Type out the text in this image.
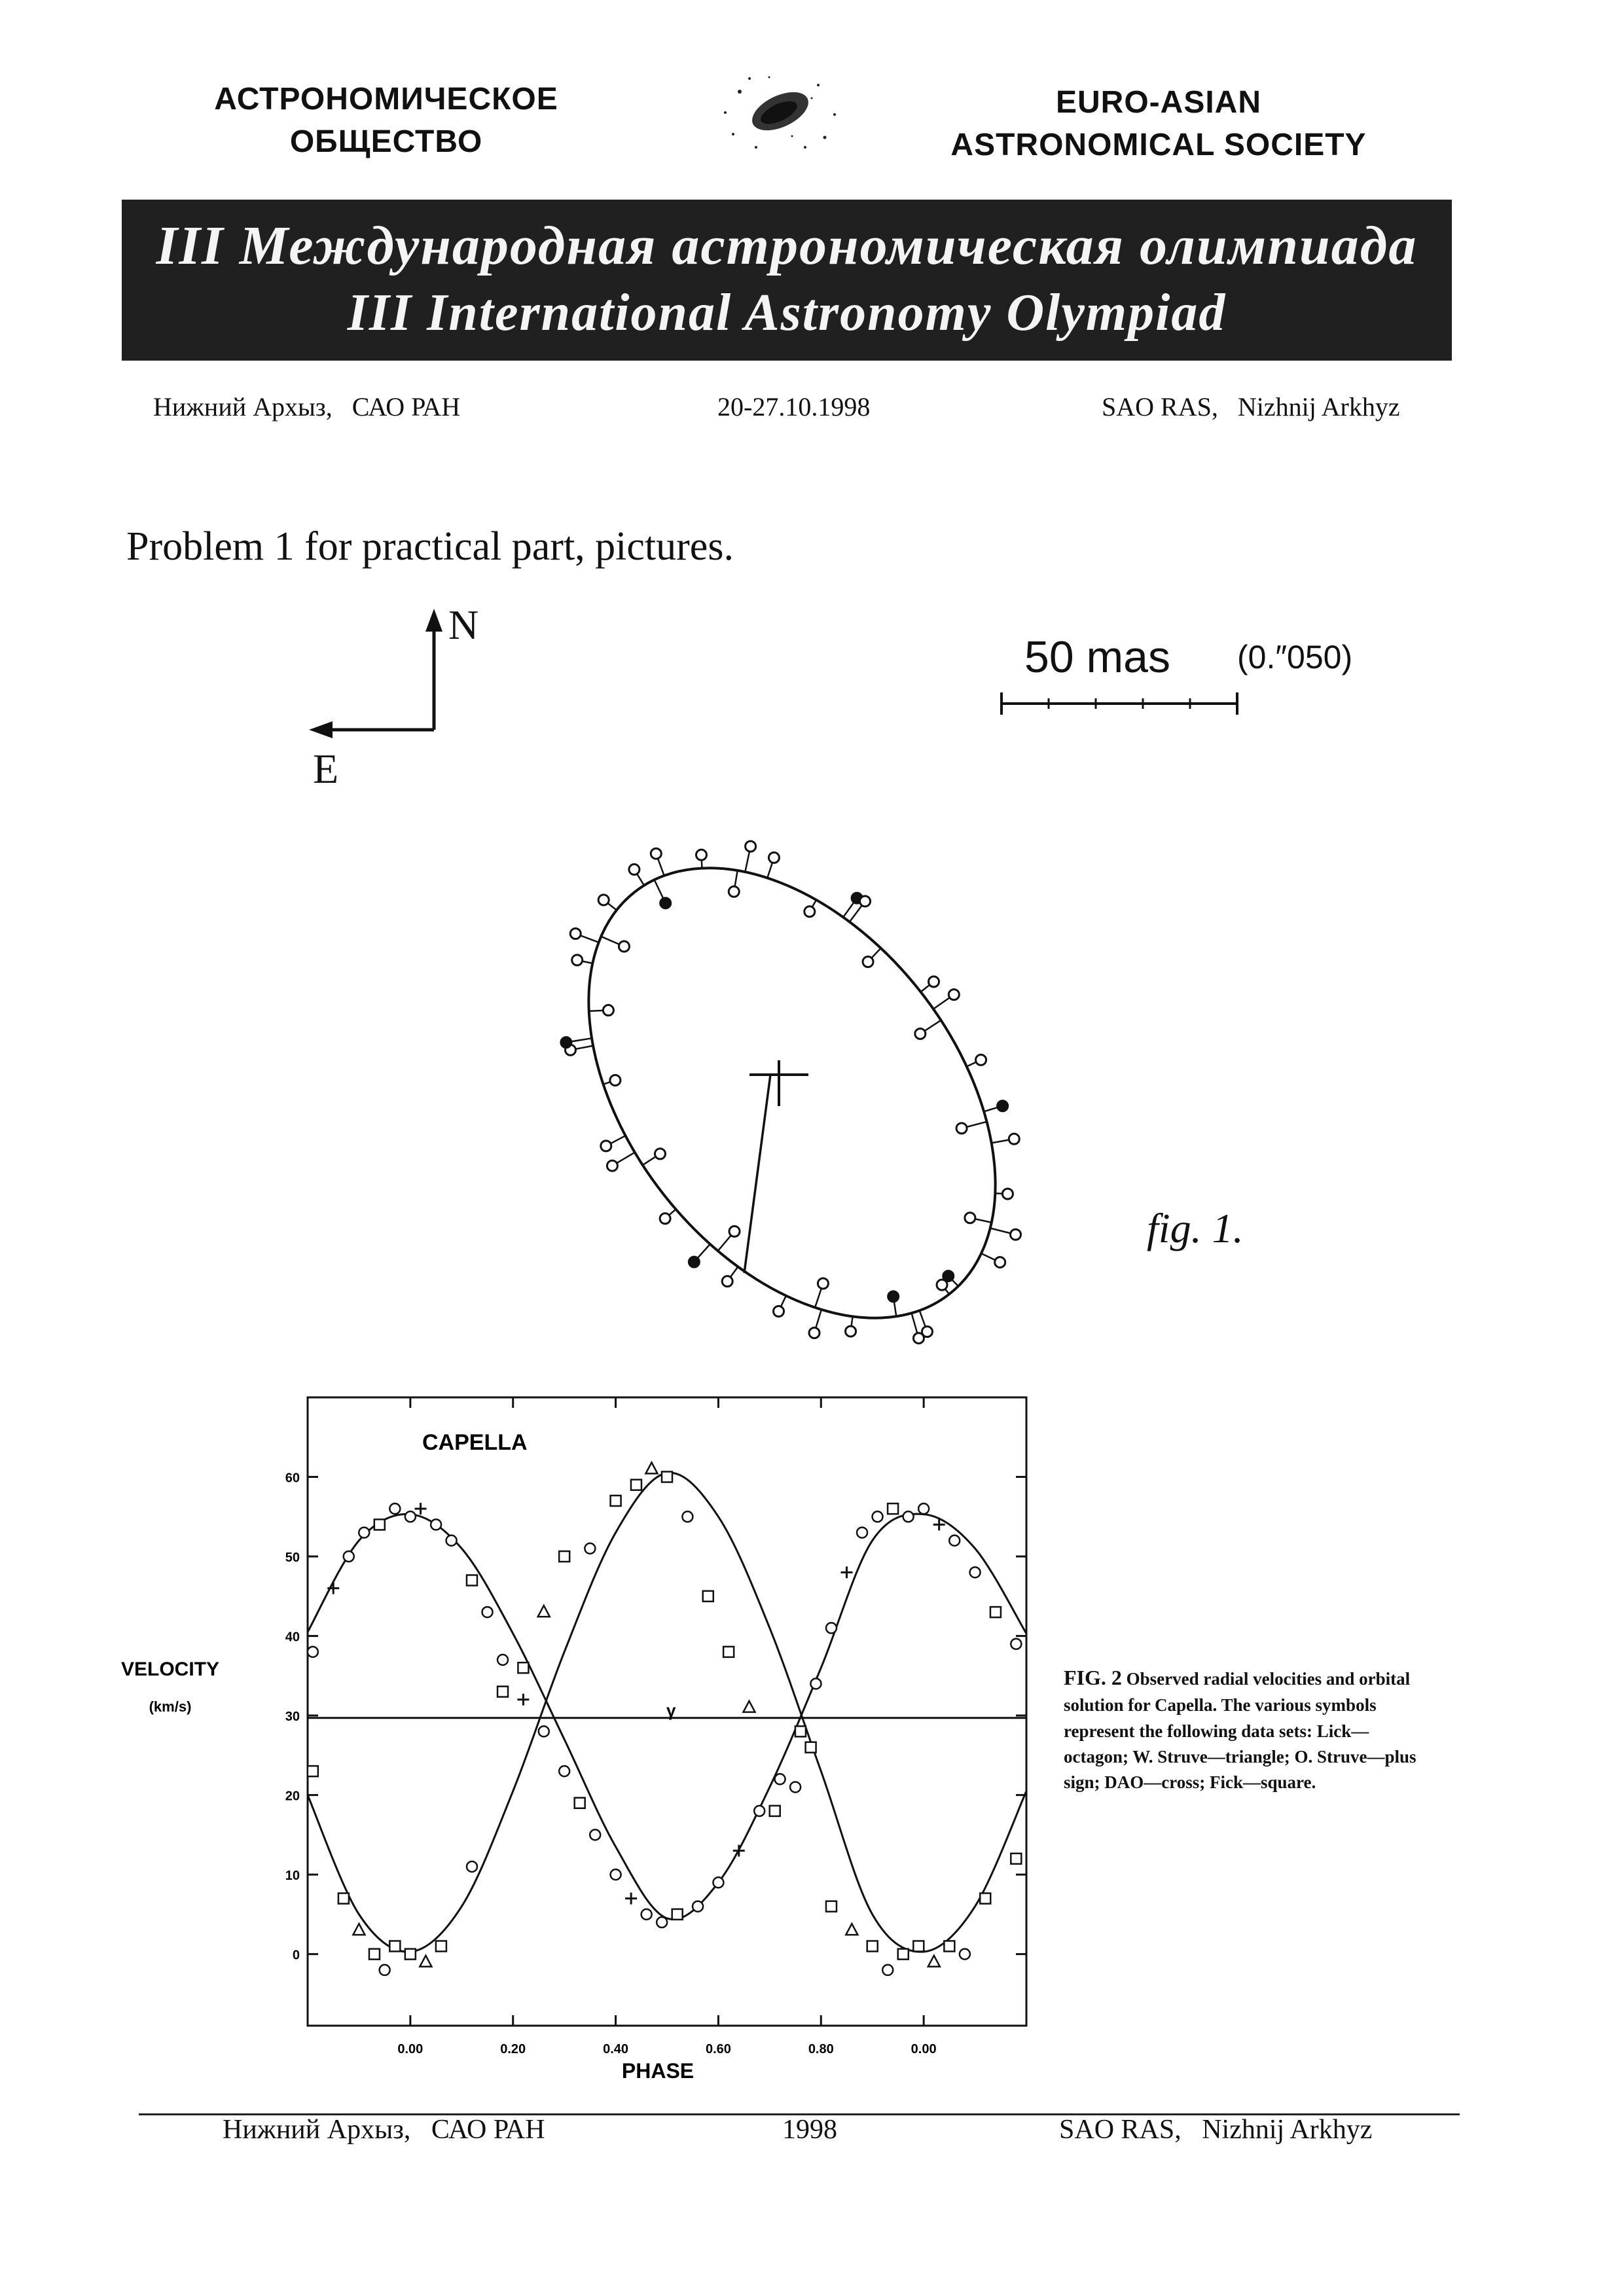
АСТРОНОМИЧЕСКОЕ
ОБЩЕСТВО
EURO-ASIAN
ASTRONOMICAL SOCIETY
III Международная астрономическая олимпиада
III International Astronomy Olympiad
Нижний Архыз,   САО РАН	20-27.10.1998	SAO RAS,   Nizhnij Arkhyz
Problem 1 for practical part, pictures.
N
E
50 mas (0.″050)
fig. 1.
VELOCITY
(km/s)
CAPELLA
PHASE
γ
0
10
20
30
40
50
60
0.00	0.20	0.40	0.60	0.80	0.00
FIG. 2 Observed radial velocities and orbital solution for Capella. The various symbols represent the following data sets: Lick—octagon; W. Struve—triangle; O. Struve—plus sign; DAO—cross; Fick—square.
Нижний Архыз,   САО РАН	1998	SAO RAS,   Nizhnij Arkhyz
